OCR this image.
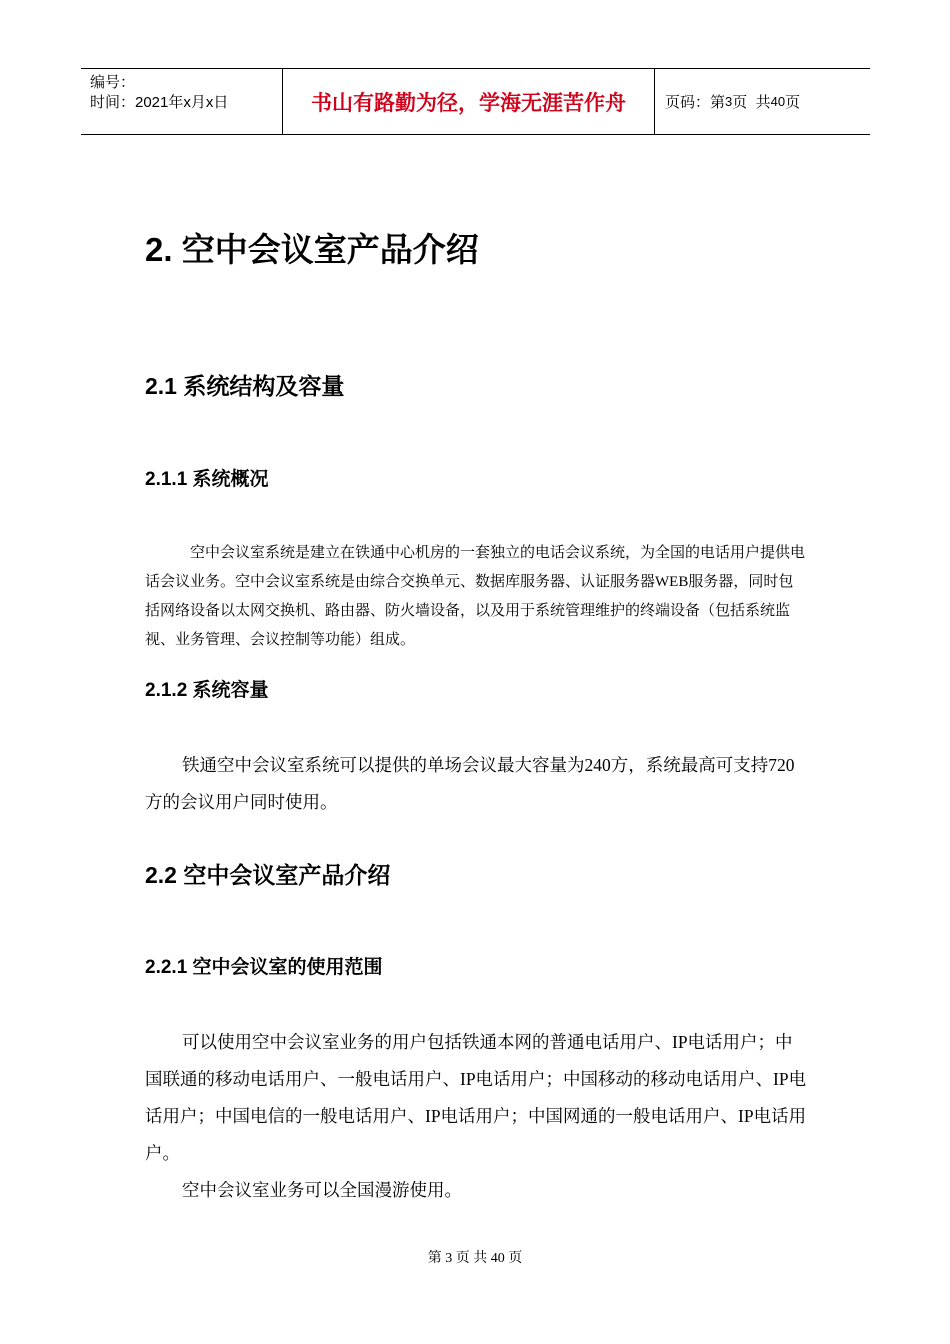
编号：
时间：2021年x月x日	书山有路勤为径，学海无涯苦作舟	页码：第 3 页  共 40 页
2. 空中会议室产品介绍
2.1 系统结构及容量
2.1.1 系统概况

空中会议室系统是建立在铁通中心机房的一套独立的电话会议系统，为全国的电话用户提供电话会议业务。空中会议室系统是由综合交换单元、数据库服务器、认证服务器WEB服务器，同时包括网络设备以太网交换机、路由器、防火墙设备，以及用于系统管理维护的终端设备（包括系统监视、业务管理、会议控制等功能）组成。

2.1.2 系统容量

铁通空中会议室系统可以提供的单场会议最大容量为240方，系统最高可支持720方的会议用户同时使用。

2.2 空中会议室产品介绍
2.2.1 空中会议室的使用范围

可以使用空中会议室业务的用户包括铁通本网的普通电话用户、IP电话用户；中国联通的移动电话用户、一般电话用户、IP电话用户；中国移动的移动电话用户、IP电话用户；中国电信的一般电话用户、IP电话用户；中国网通的一般电话用户、IP电话用户。

空中会议室业务可以全国漫游使用。

第 3 页 共 40 页
